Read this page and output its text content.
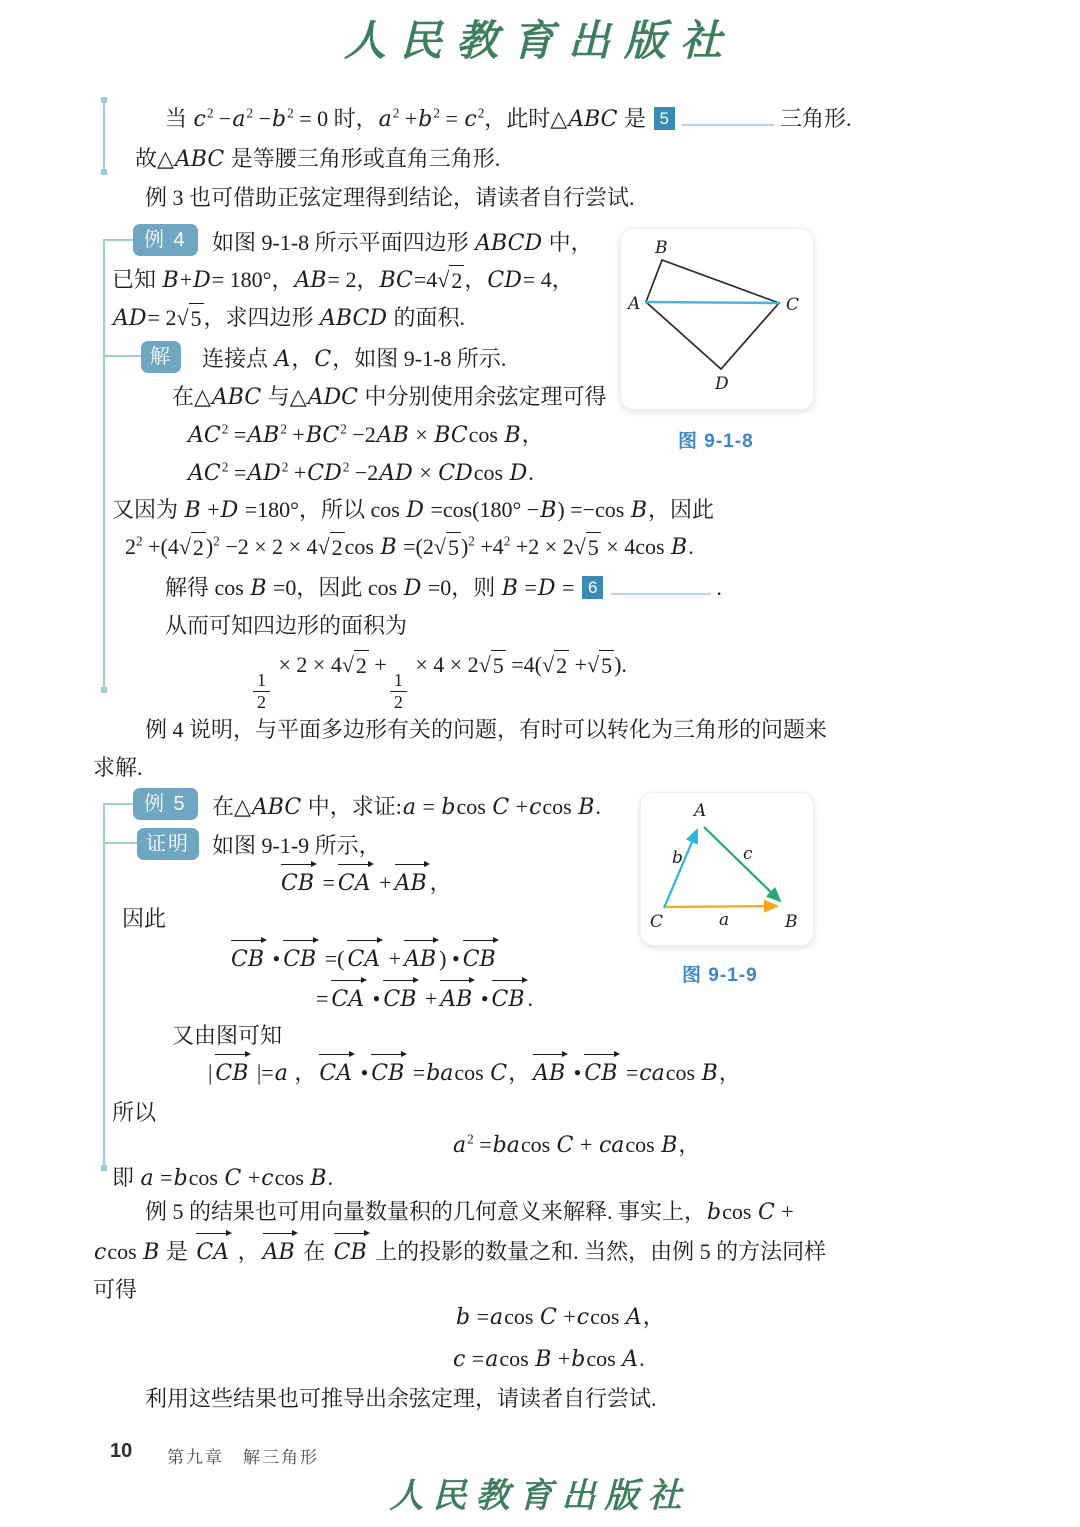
人民教育出版社
当 $c^2 -a^2 -b^2 = 0$ 时，$a^2 +b^2 = c^2$，此时△ABC 是 5	三角形.
故△ABC 是等腰三角形或直角三角形.
例 3 也可借助正弦定理得到结论，请读者自行尝试.
例 4	如图 9-1-8 所示平面四边形 ABCD 中，
已知 B+D= 180°，AB= 2，BC=4 √ 2 ，CD= 4，
AD= 2 √ 5 ，求四边形 ABCD 的面积.
解	连接点 A，C，如图 9-1-8 所示.
在△ABC 与△ADC 中分别使用余弦定理可得
$AC^2 =AB^2 +BC^2 -2AB \times BCcos$ B，
$AC^2 =AD^2 +CD^2 -2AD \times CDcos$ D.
又因为 B +D =180°，所以 cos D =cos(180° −B) =−cos B，因此
$2^2 +(4$ √ 2 )$^2$ −2 × 2 × 4 √ 2 cos B =(2 √ 5 )$^2 +4^2 +2 \times 2$ √ 5 × 4cos B.
解得 cos B =0，因此 cos D =0，则 B =D = 6	.
从而可知四边形的面积为
$\frac{1}{2}$
× 2 × 4 √ 2 +
$\frac{1}{2}$
× 4 × 2 √ 5 =4( √ 2 + √ 5 ).
B
A	C
D
图 9-1-8
例 4 说明，与平面多边形有关的问题，有时可以转化为三角形的问题来
求解.
例 5	在△ABC 中，求证:a = bcos C +ccos B.
证明	如图 9-1-9 所示，
CB = CA + AB ，
因此
CB • CB =( CA + AB ) • CB
= CA • CB + AB • CB .
又由图可知
| CB |=a ， CA • CB =bacos C， AB • CB =cacos B，
所以
$a^2 =bacos$ C + cacos B，
即 a =bcos C +ccos B.
A
C	B
b	c
a
图 9-1-9
例 5 的结果也可用向量数量积的几何意义来解释. 事实上，bcos C +
ccos B 是 CA ， AB 在 CB 上的投影的数量之和. 当然，由例 5 的方法同样
可得
b =acos C +ccos A，
c =acos B +bcos A.
利用这些结果也可推导出余弦定理，请读者自行尝试.
10 第九章　解三角形
人民教育出版社
